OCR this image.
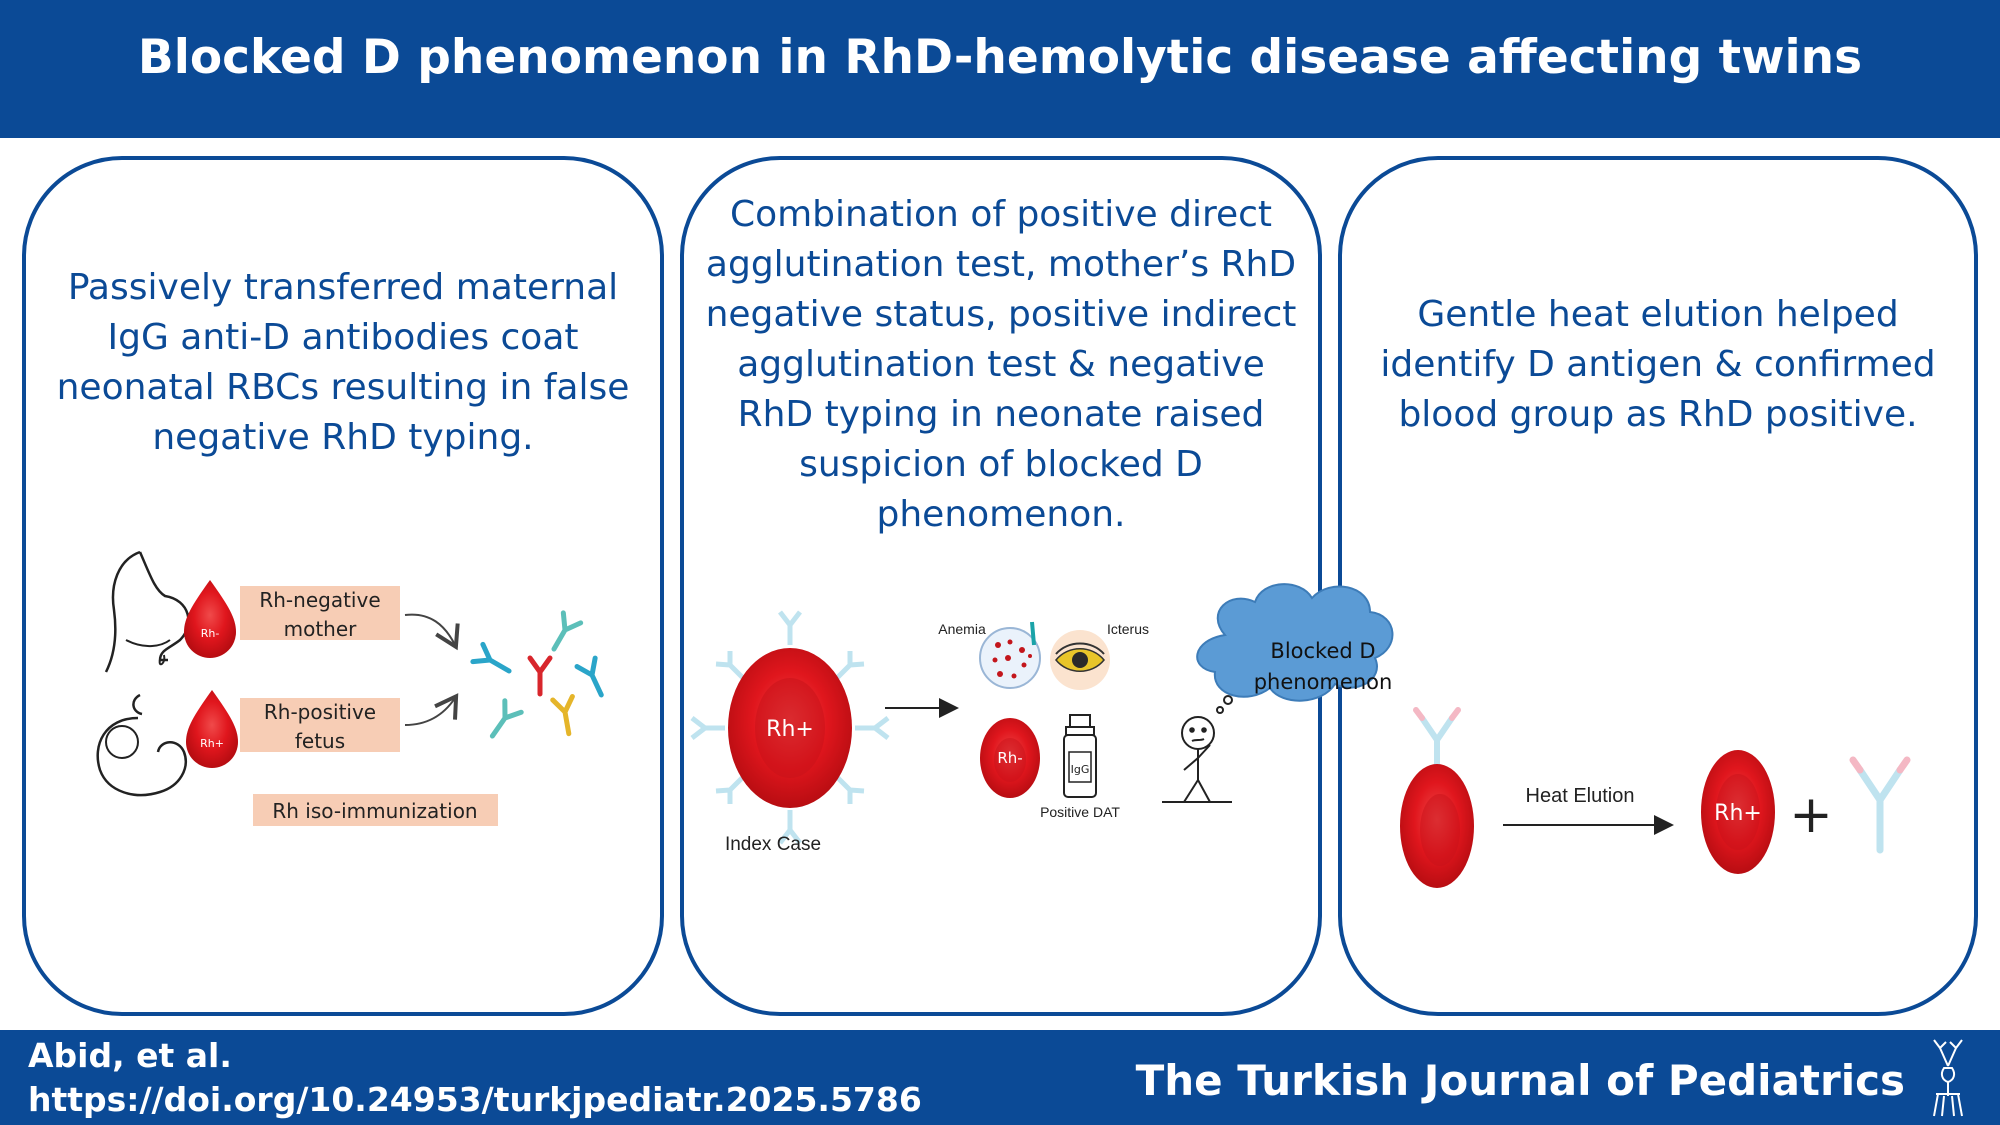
Blocked D phenomenon in RhD-hemolytic disease affecting twins
Passively transferred maternal IgG anti-D antibodies coat neonatal RBCs resulting in false negative RhD typing.
Combination of positive direct agglutination test, mother’s RhD negative status, positive indirect agglutination test & negative RhD typing in neonate raised suspicion of blocked D phenomenon.
Gentle heat elution helped identify D antigen & confirmed blood group as RhD positive.
Rh-
Rh-negative
mother
Rh+
Rh-positive
fetus
Rh iso-immunization
Rh+
Index Case
Anemia	Icterus
Rh-
IgG
Positive DAT
Heat Elution
Rh+ +
Blocked D
phenomenon
Abid, et al.
https://doi.org/10.24953/turkjpediatr.2025.5786	The Turkish Journal of Pediatrics
